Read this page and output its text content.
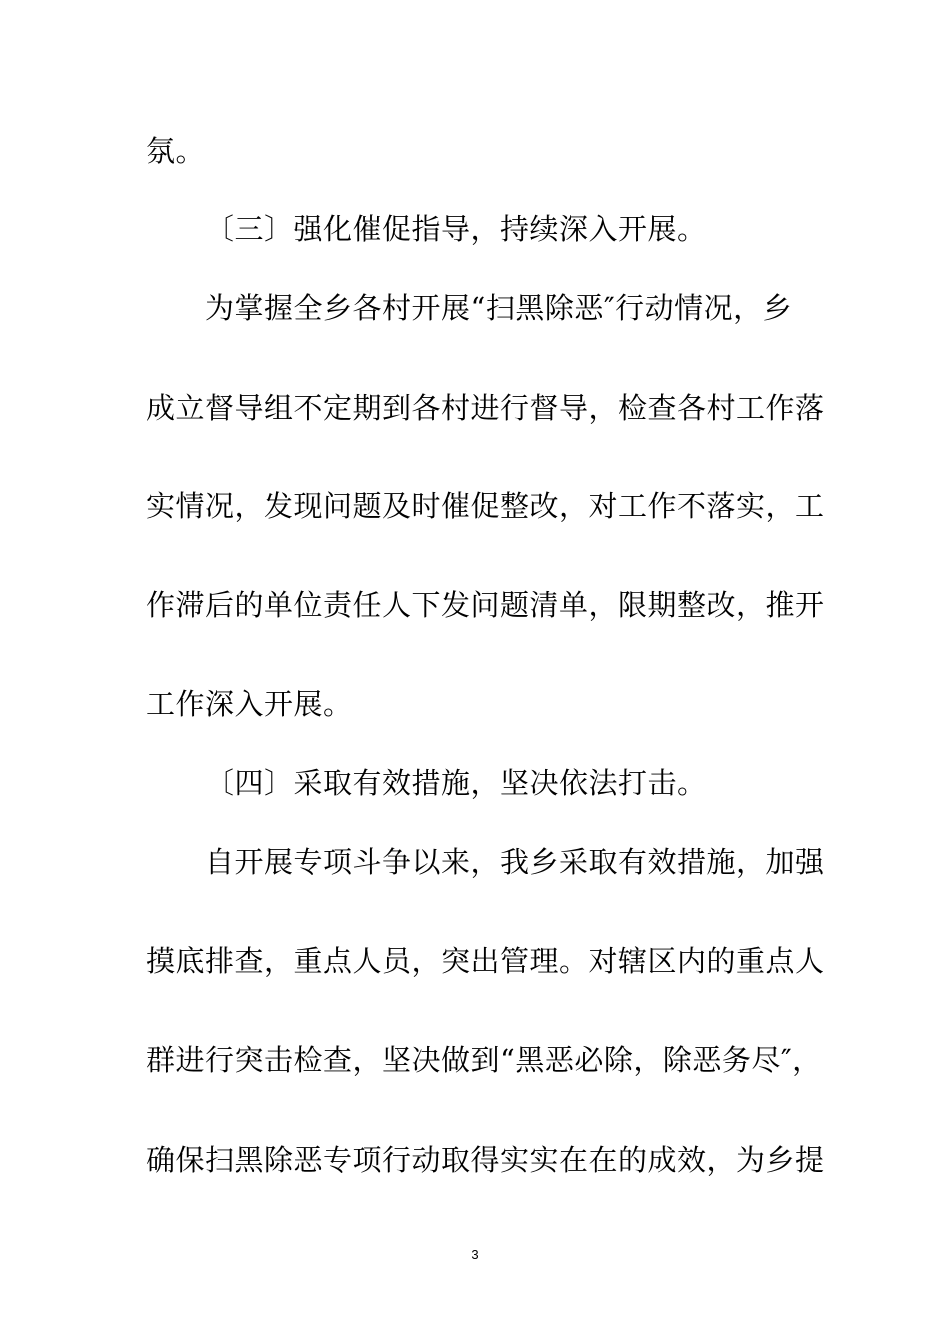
氛。
〔三〕强化催促指导，持续深入开展。
为掌握全乡各村开展“扫黑除恶″行动情况，乡
成立督导组不定期到各村进行督导，检查各村工作落
实情况，发现问题及时催促整改，对工作不落实，工
作滞后的单位责任人下发问题清单，限期整改，推开
工作深入开展。
〔四〕采取有效措施，坚决依法打击。
自开展专项斗争以来，我乡采取有效措施，加强
摸底排查，重点人员，突出管理。对辖区内的重点人
群进行突击检查，坚决做到“黑恶必除，除恶务尽″，
确保扫黑除恶专项行动取得实实在在的成效，为乡提
3
